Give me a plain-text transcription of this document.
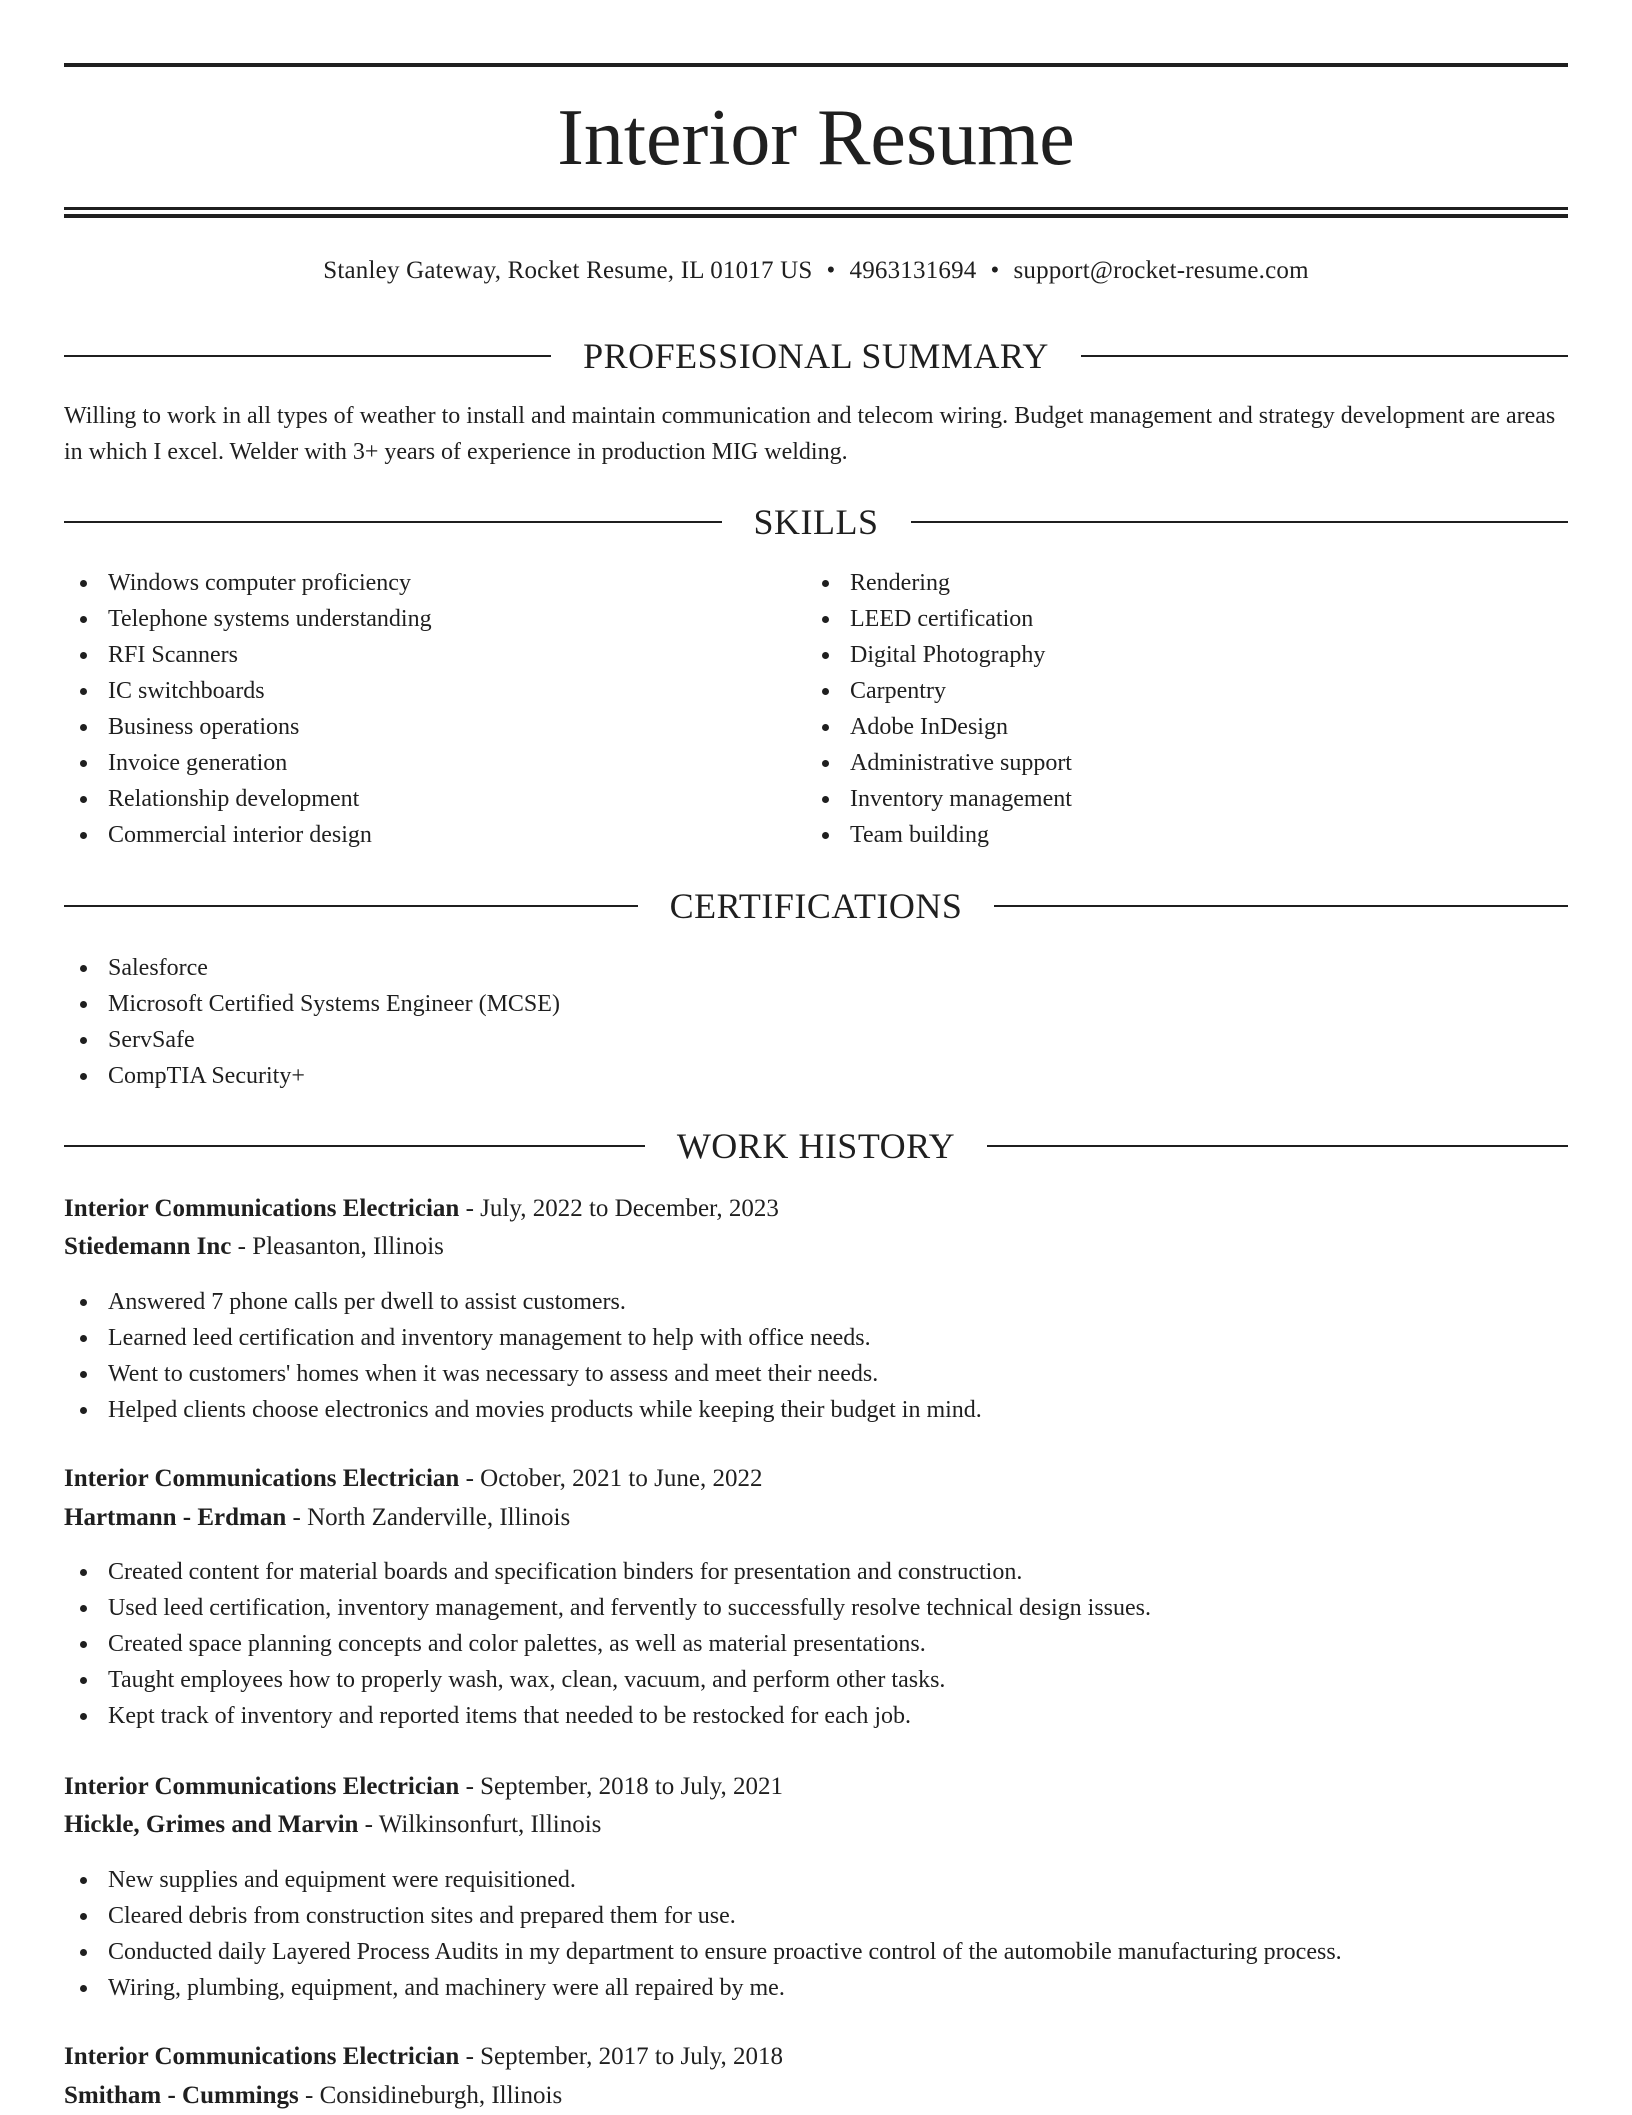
Interior Resume
Stanley Gateway, Rocket Resume, IL 01017 US • 4963131694 • support@rocket-resume.com
PROFESSIONAL SUMMARY

Willing to work in all types of weather to install and maintain communication and telecom wiring. Budget management and strategy development are areas in which I excel. Welder with 3+ years of experience in production MIG welding.

SKILLS
Windows computer proficiency
Telephone systems understanding
RFI Scanners
IC switchboards
Business operations
Invoice generation
Relationship development
Commercial interior design
Rendering
LEED certification
Digital Photography
Carpentry
Adobe InDesign
Administrative support
Inventory management
Team building
CERTIFICATIONS
Salesforce
Microsoft Certified Systems Engineer (MCSE)
ServSafe
CompTIA Security+
WORK HISTORY
Interior Communications Electrician - July, 2022 to December, 2023
Stiedemann Inc - Pleasanton, Illinois
Answered 7 phone calls per dwell to assist customers.
Learned leed certification and inventory management to help with office needs.
Went to customers' homes when it was necessary to assess and meet their needs.
Helped clients choose electronics and movies products while keeping their budget in mind.
Interior Communications Electrician - October, 2021 to June, 2022
Hartmann - Erdman - North Zanderville, Illinois
Created content for material boards and specification binders for presentation and construction.
Used leed certification, inventory management, and fervently to successfully resolve technical design issues.
Created space planning concepts and color palettes, as well as material presentations.
Taught employees how to properly wash, wax, clean, vacuum, and perform other tasks.
Kept track of inventory and reported items that needed to be restocked for each job.
Interior Communications Electrician - September, 2018 to July, 2021
Hickle, Grimes and Marvin - Wilkinsonfurt, Illinois
New supplies and equipment were requisitioned.
Cleared debris from construction sites and prepared them for use.
Conducted daily Layered Process Audits in my department to ensure proactive control of the automobile manufacturing process.
Wiring, plumbing, equipment, and machinery were all repaired by me.
Interior Communications Electrician - September, 2017 to July, 2018
Smitham - Cummings - Considineburgh, Illinois
